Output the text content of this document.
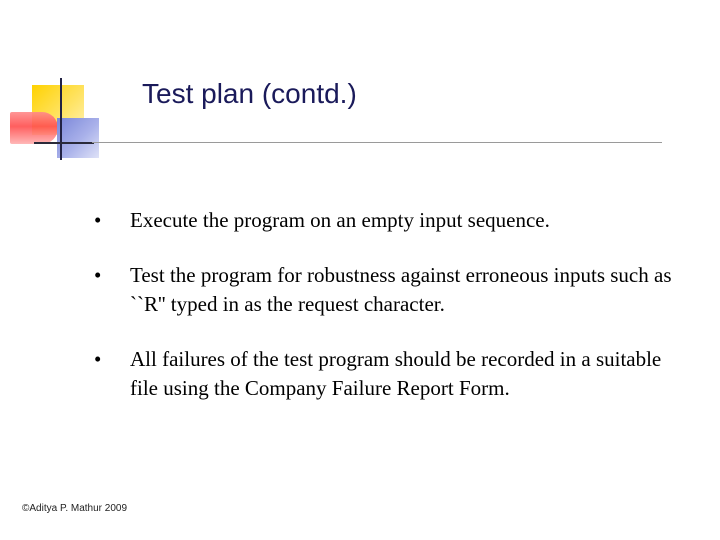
Test plan (contd.)
• Execute the program on an empty input sequence.
• Test the program for robustness against erroneous inputs such as ``R'' typed in as the request character.
• All failures of the test program should be recorded in a suitable file using the Company Failure Report Form.
©Aditya P. Mathur 2009
